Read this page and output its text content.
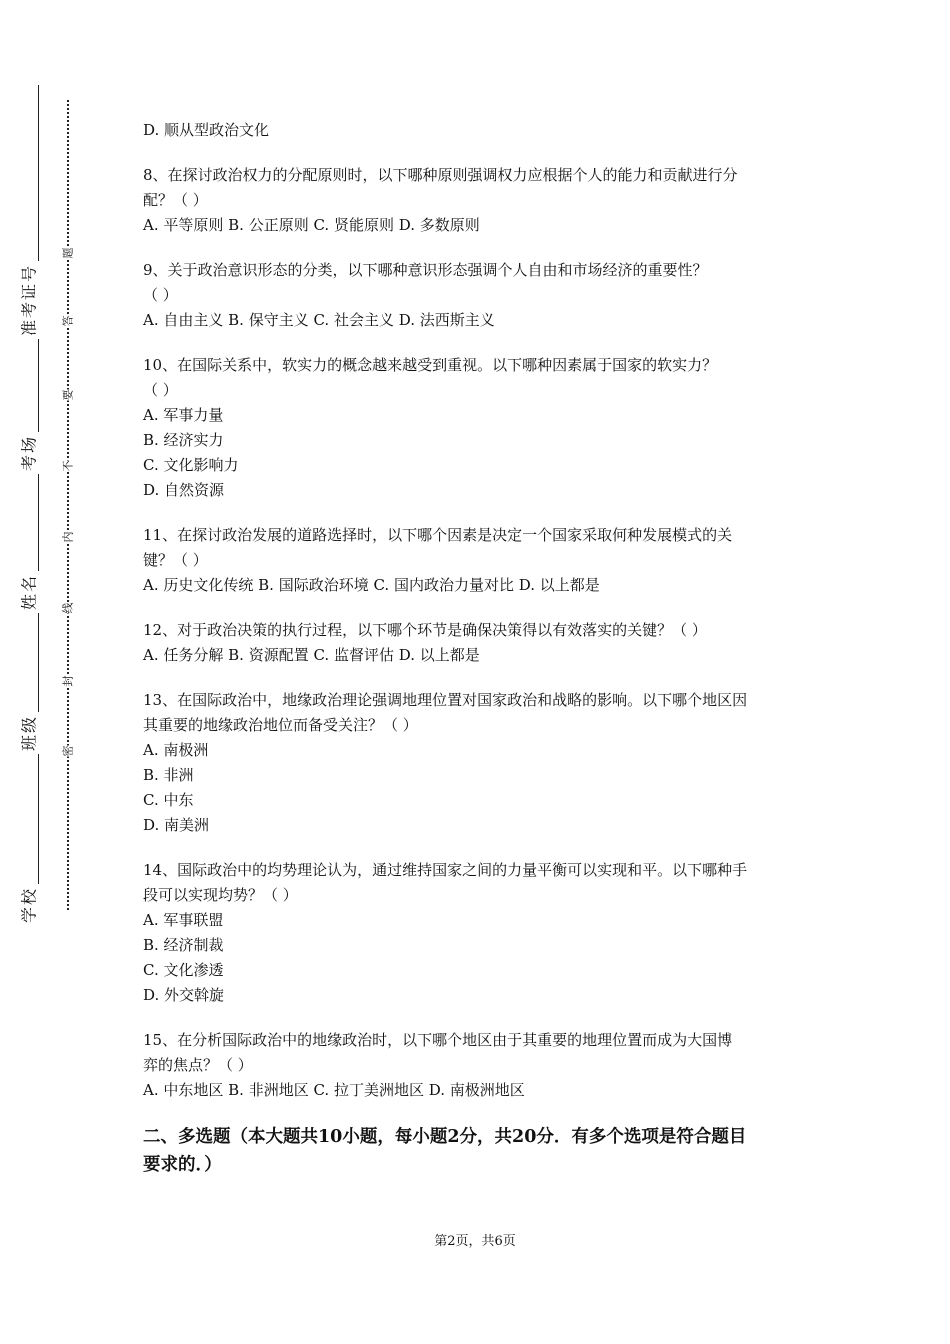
准考证号
考场
姓名
班级
学校
题
答
要
不
内
线
封
密

D. 顺从型政治文化

8、在探讨政治权力的分配原则时，以下哪种原则强调权力应根据个人的能力和贡献进行分

配？（ ）

A. 平等原则 B. 公正原则 C. 贤能原则 D. 多数原则

9、关于政治意识形态的分类，以下哪种意识形态强调个人自由和市场经济的重要性？

（ ）

A. 自由主义 B. 保守主义 C. 社会主义 D. 法西斯主义

10、在国际关系中，软实力的概念越来越受到重视。以下哪种因素属于国家的软实力？

（ ）

A. 军事力量

B. 经济实力

C. 文化影响力

D. 自然资源

11、在探讨政治发展的道路选择时，以下哪个因素是决定一个国家采取何种发展模式的关

键？（ ）

A. 历史文化传统 B. 国际政治环境 C. 国内政治力量对比 D. 以上都是

12、对于政治决策的执行过程，以下哪个环节是确保决策得以有效落实的关键？（ ）

A. 任务分解 B. 资源配置 C. 监督评估 D. 以上都是

13、在国际政治中，地缘政治理论强调地理位置对国家政治和战略的影响。以下哪个地区因

其重要的地缘政治地位而备受关注？（ ）

A. 南极洲

B. 非洲

C. 中东

D. 南美洲

14、国际政治中的均势理论认为，通过维持国家之间的力量平衡可以实现和平。以下哪种手

段可以实现均势？（ ）

A. 军事联盟

B. 经济制裁

C. 文化渗透

D. 外交斡旋

15、在分析国际政治中的地缘政治时，以下哪个地区由于其重要的地理位置而成为大国博

弈的焦点？（ ）

A. 中东地区 B. 非洲地区 C. 拉丁美洲地区 D. 南极洲地区

二、多选题（本大题共10小题，每小题2分，共20分．有多个选项是符合题目
要求的．）
第2页，共6页
